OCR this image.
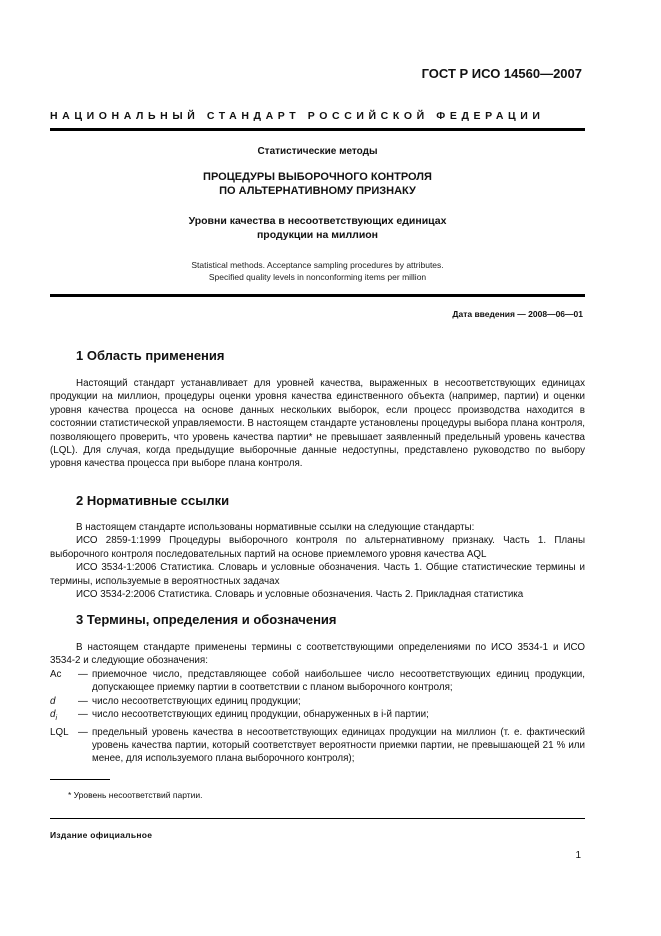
ГОСТ Р ИСО 14560—2007
НАЦИОНАЛЬНЫЙ СТАНДАРТ РОССИЙСКОЙ ФЕДЕРАЦИИ
Статистические методы
ПРОЦЕДУРЫ ВЫБОРОЧНОГО КОНТРОЛЯ
ПО АЛЬТЕРНАТИВНОМУ ПРИЗНАКУ
Уровни качества в несоответствующих единицах
продукции на миллион
Statistical methods. Acceptance sampling procedures by attributes.
Specified quality levels in nonconforming items per million
Дата введения — 2008—06—01
1 Область применения

Настоящий стандарт устанавливает для уровней качества, выраженных в несоответствующих единицах продукции на миллион, процедуры оценки уровня качества единственного объекта (например, партии) и оценки уровня качества процесса на основе данных нескольких выборок, если процесс производства находится в состоянии статистической управляемости. В настоящем стандарте установлены процедуры выбора плана контроля, позволяющего проверить, что уровень качества партии* не превышает заявленный предельный уровень качества (LQL). Для случая, когда предыдущие выборочные данные недоступны, представлено руководство по выбору уровня качества процесса при выборе плана контроля.

2 Нормативные ссылки

В настоящем стандарте использованы нормативные ссылки на следующие стандарты:

ИСО 2859-1:1999 Процедуры выборочного контроля по альтернативному признаку. Часть 1. Планы выборочного контроля последовательных партий на основе приемлемого уровня качества AQL

ИСО 3534-1:2006 Статистика. Словарь и условные обозначения. Часть 1. Общие статистические термины и термины, используемые в вероятностных задачах

ИСО 3534-2:2006 Статистика. Словарь и условные обозначения. Часть 2. Прикладная статистика

3 Термины, определения и обозначения

В настоящем стандарте применены термины с соответствующими определениями по ИСО 3534-1 и ИСО 3534-2 и следующие обозначения:

Ac	— приемочное число, представляющее собой наибольшее число несоответствующих единиц продукции, допускающее приемку партии в соответствии с планом выборочного контроля;
d	— число несоответствующих единиц продукции;
$d_i$	— число несоответствующих единиц продукции, обнаруженных в i-й партии;
LQL — предельный уровень качества в несоответствующих единицах продукции на миллион (т. е. фактический уровень качества партии, который соответствует вероятности приемки партии, не превышающей 21 % или менее, для используемого плана выборочного контроля);
* Уровень несоответствий партии.
Издание официальное
1
